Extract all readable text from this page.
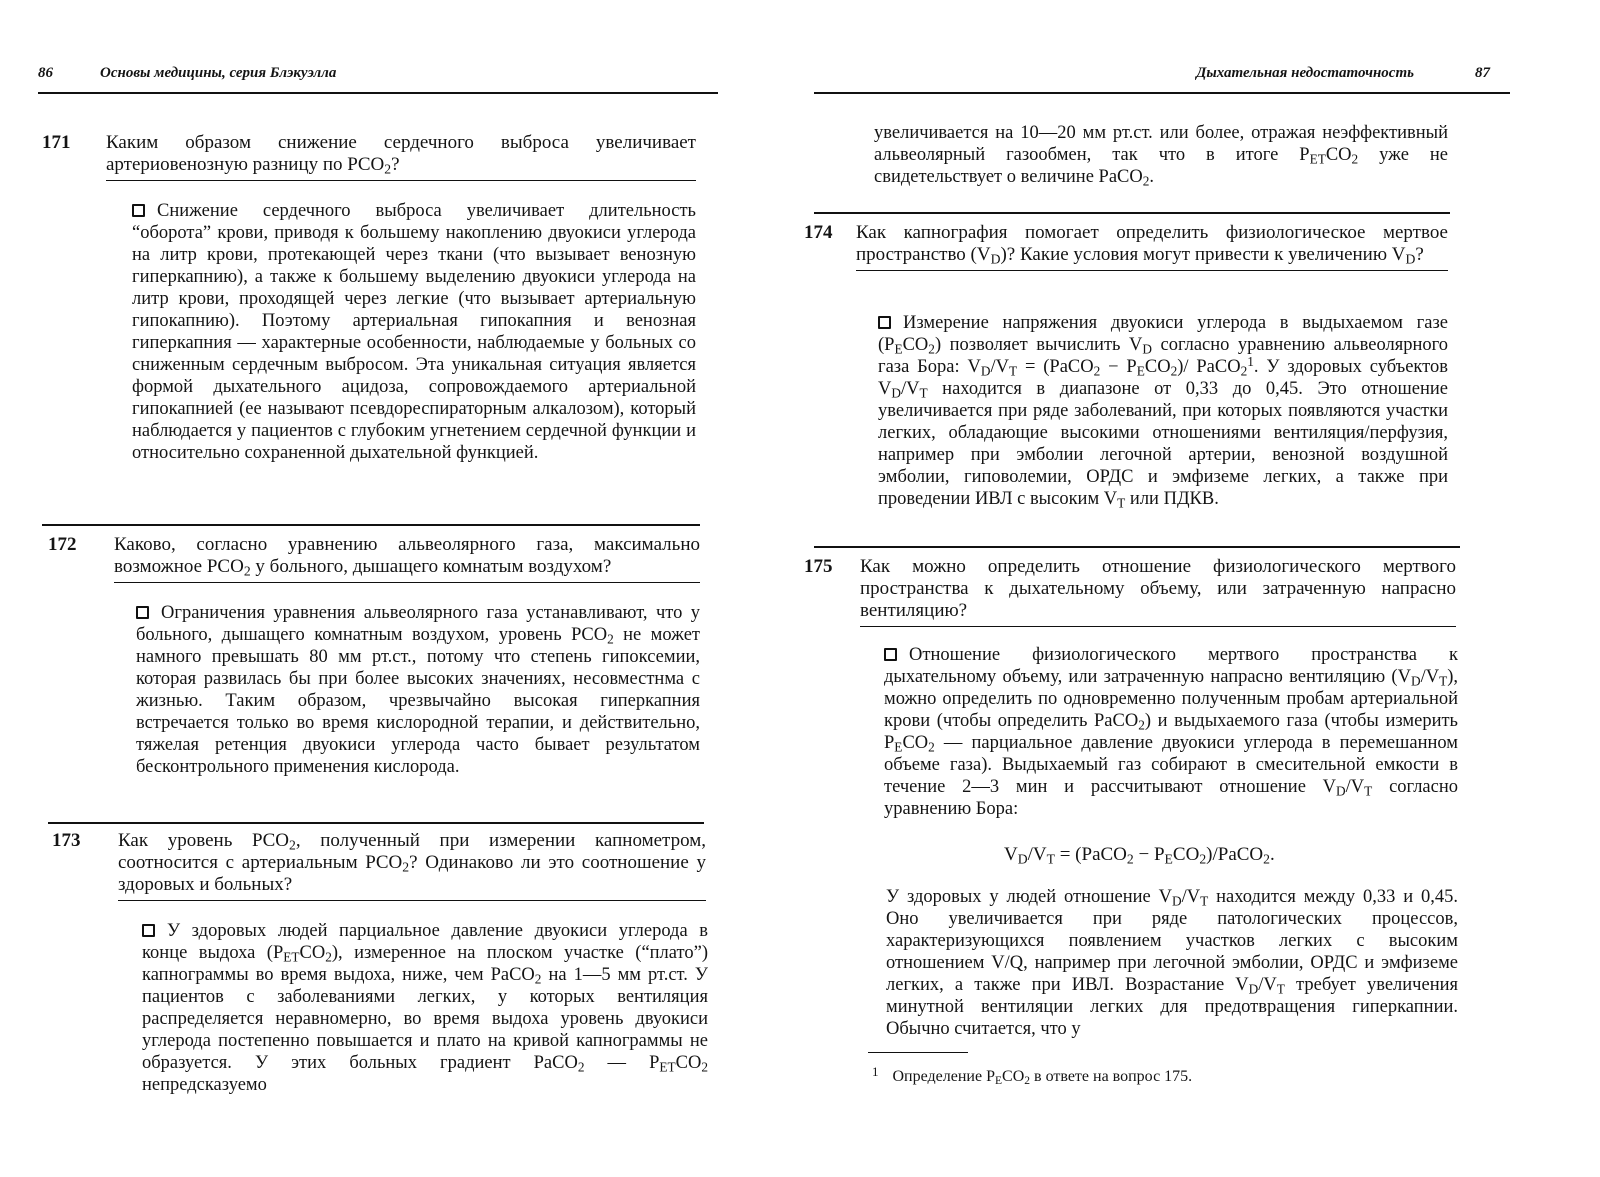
86	Основы медицины, серия Блэкуэлла
171 Каким образом снижение сердечного выброса увеличивает артериовенозную разницу по $PCO_2$?
Снижение сердечного выброса увеличивает длительность “оборота” крови, приводя к большему накоплению двуокиси углерода на литр крови, протекающей через ткани (что вызывает венозную гиперкапнию), а также к большему выделению двуокиси углерода на литр крови, проходящей через легкие (что вызывает артериальную гипокапнию). Поэтому артериальная гипокапния и венозная гиперкапния — характерные особенности, наблюдаемые у больных со сниженным сердечным выбросом. Эта уникальная ситуация является формой дыхательного ацидоза, сопровождаемого артериальной гипокапнией (ее называют псевдореспираторным алкалозом), который наблюдается у пациентов с глубоким угнетением сердечной функции и относительно сохраненной дыхательной функцией.
172 Каково, согласно уравнению альвеолярного газа, максимально возможное $PCO_2$ у больного, дышащего комнатым воздухом?
Ограничения уравнения альвеолярного газа устанавливают, что у больного, дышащего комнатным воздухом, уровень $PCO_2$ не может намного превышать 80 мм рт.ст., потому что степень гипоксемии, которая развилась бы при более высоких значениях, несовместнма с жизнью. Таким образом, чрезвычайно высокая гиперкапния встречается только во время кислородной терапии, и действительно, тяжелая ретенция двуокиси углерода часто бывает результатом бесконтрольного применения кислорода.
173 Как уровень $PCO_2$, полученный при измерении капнометром, соотносится с артериальным $PCO_2$? Одинаково ли это соотношение у здоровых и больных?
У здоровых людей парциальное давление двуокиси углерода в конце выдоха $(P_{ET}CO_2)$, измеренное на плоском участке (“плато”) капнограммы во время выдоха, ниже, чем PaCO$_2$ на 1—5 мм рт.ст. У пациентов с заболеваниями легких, у которых вентиляция распределяется неравномерно, во время выдоха уровень двуокиси углерода постепенно повышается и плато на кривой капнограммы не образуется. У этих больных градиент PaCO$_2$ — $P_{ET}CO_2$ непредсказуемо
Дыхательная недостаточность	87
увеличивается на 10—20 мм рт.ст. или более, отражая неэффективный альвеолярный газообмен, так что в итоге $P_{ET}CO_2$ уже не свидетельствует о величине PaCO$_2$.
174 Как капнография помогает определить физиологическое мертвое пространство $(V_D)$? Какие условия могут привести к увеличению $V_D$?
Измерение напряжения двуокиси углерода в выдыхаемом газе $(P_ECO_2)$ позволяет вычислить $V_D$ согласно уравнению альвеолярного газа Бора: $V_D/V_T$ = (PaCO$_2$ − $P_ECO_2)/$ PaCO$_2^1$. У здоровых субъектов $V_D/V_T$ находится в диапазоне от 0,33 до 0,45. Это отношение увеличивается при ряде заболеваний, при которых появляются участки легких, обладающие высокими отношениями вентиляция/перфузия, например при эмболии легочной артерии, венозной воздушной эмболии, гиповолемии, ОРДС и эмфиземе легких, а также при проведении ИВЛ с высоким $V_T$ или ПДКВ.
175 Как можно определить отношение физиологического мертвого пространства к дыхательному объему, или затраченную напрасно вентиляцию?
Отношение физиологического мертвого пространства к дыхательному объему, или затраченную напрасно вентиляцию $(V_D/V_T)$, можно определить по одновременно полученным пробам артериальной крови (чтобы определить PaCO$_2$) и выдыхаемого газа (чтобы измерить $P_ECO_2$ — парциальное давление двуокиси углерода в перемешанном объеме газа). Выдыхаемый газ собирают в смесительной емкости в течение 2—3 мин и рассчитывают отношение $V_D/V_T$ согласно уравнению Бора:
$V_D/V_T$ = (PaCO$_2$ − $P_ECO_2)/PaCO_2$.
У здоровых у людей отношение $V_D/V_T$ находится между 0,33 и 0,45. Оно увеличивается при ряде патологических процессов, характеризующихся появлением участков легких с высоким отношением V/Q, например при легочной эмболии, ОРДС и эмфиземе легких, а также при ИВЛ. Возрастание $V_D/V_T$ требует увеличения минутной вентиляции легких для предотвращения гиперкапнии. Обычно считается, что у
$^1$ Определение $P_ECO_2$ в ответе на вопрос 175.
